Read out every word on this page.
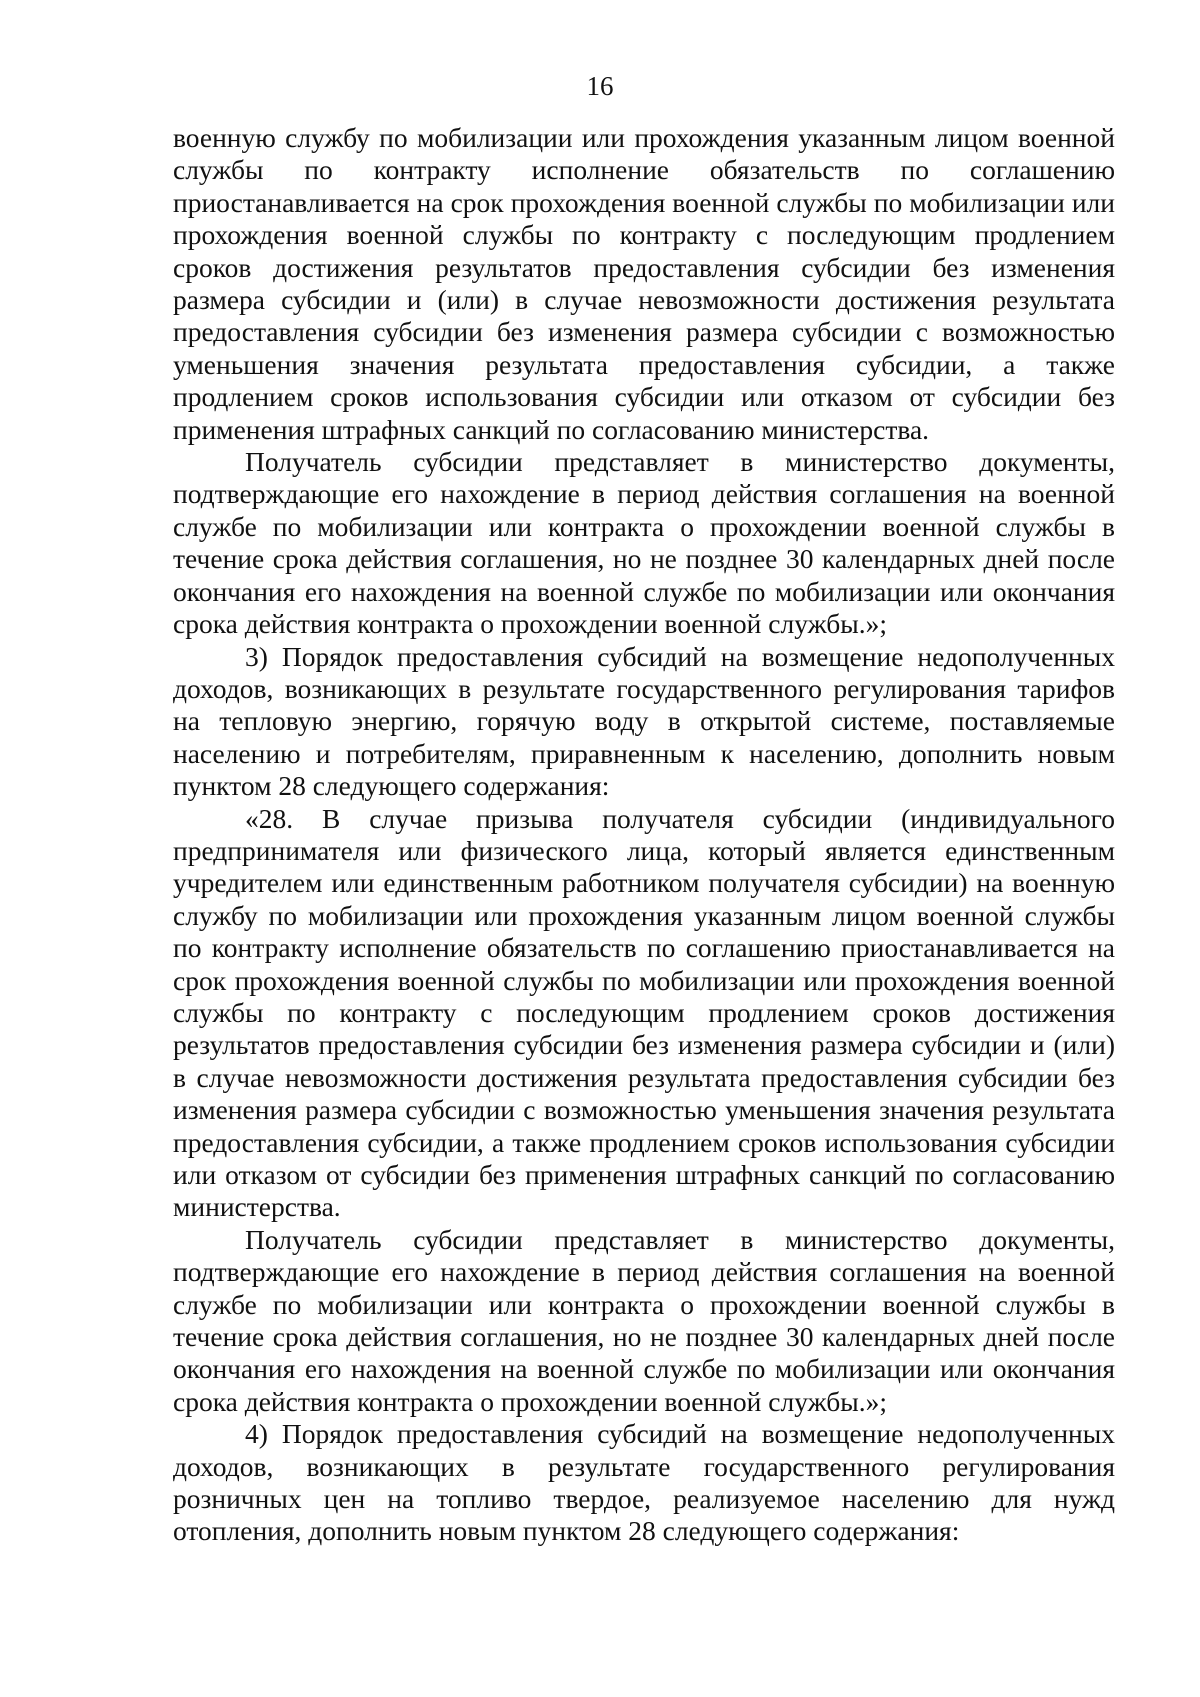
16

военную службу по мобилизации или прохождения указанным лицом военной службы по контракту исполнение обязательств по соглашению приостанавливается на срок прохождения военной службы по мобилизации или прохождения военной службы по контракту с последующим продлением сроков достижения результатов предоставления субсидии без изменения размера субсидии и (или) в случае невозможности достижения результата предоставления субсидии без изменения размера субсидии с возможностью уменьшения значения результата предоставления субсидии, а также продлением сроков использования субсидии или отказом от субсидии без применения штрафных санкций по согласованию министерства.

Получатель субсидии представляет в министерство документы, подтверждающие его нахождение в период действия соглашения на военной службе по мобилизации или контракта о прохождении военной службы в течение срока действия соглашения, но не позднее 30 календарных дней после окончания его нахождения на военной службе по мобилизации или окончания срока действия контракта о прохождении военной службы.»;

3) Порядок предоставления субсидий на возмещение недополученных доходов, возникающих в результате государственного регулирования тарифов на тепловую энергию, горячую воду в открытой системе, поставляемые населению и потребителям, приравненным к населению, дополнить новым пунктом 28 следующего содержания:

«28. В случае призыва получателя субсидии (индивидуального предпринимателя или физического лица, который является единственным учредителем или единственным работником получателя субсидии) на военную службу по мобилизации или прохождения указанным лицом военной службы по контракту исполнение обязательств по соглашению приостанавливается на срок прохождения военной службы по мобилизации или прохождения военной службы по контракту с последующим продлением сроков достижения результатов предоставления субсидии без изменения размера субсидии и (или) в случае невозможности достижения результата предоставления субсидии без изменения размера субсидии с возможностью уменьшения значения результата предоставления субсидии, а также продлением сроков использования субсидии или отказом от субсидии без применения штрафных санкций по согласованию министерства.

Получатель субсидии представляет в министерство документы, подтверждающие его нахождение в период действия соглашения на военной службе по мобилизации или контракта о прохождении военной службы в течение срока действия соглашения, но не позднее 30 календарных дней после окончания его нахождения на военной службе по мобилизации или окончания срока действия контракта о прохождении военной службы.»;

4) Порядок предоставления субсидий на возмещение недополученных доходов, возникающих в результате государственного регулирования розничных цен на топливо твердое, реализуемое населению для нужд отопления, дополнить новым пунктом 28 следующего содержания:
